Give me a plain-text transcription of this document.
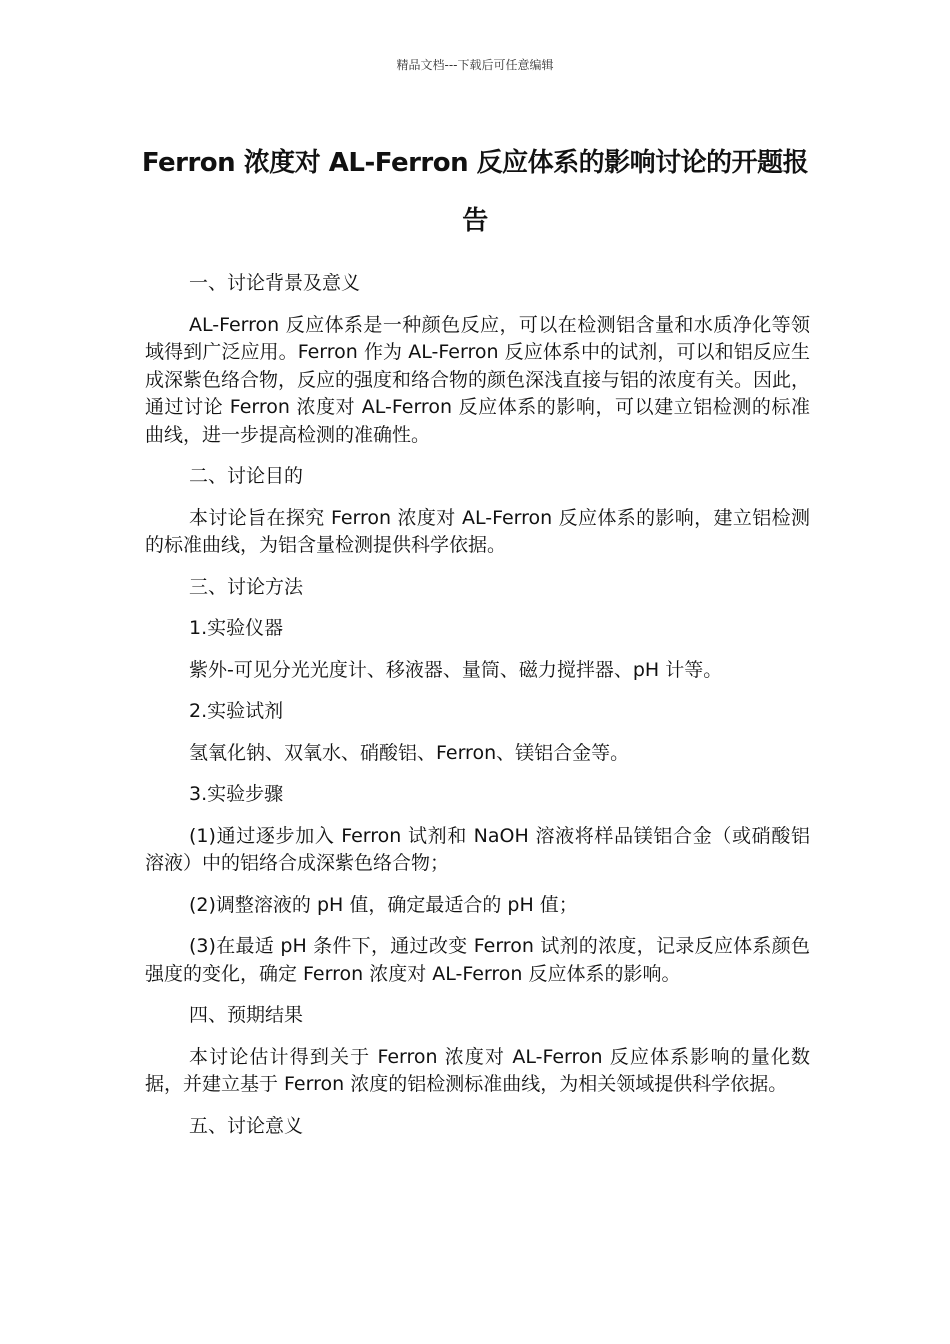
精品文档---下载后可任意编辑
Ferron 浓度对 AL-Ferron 反应体系的影响讨论的开题报告

一、讨论背景及意义

AL-Ferron 反应体系是一种颜色反应，可以在检测铝含量和水质净化等领域得到广泛应用。Ferron 作为 AL-Ferron 反应体系中的试剂，可以和铝反应生成深紫色络合物，反应的强度和络合物的颜色深浅直接与铝的浓度有关。因此，通过讨论 Ferron 浓度对 AL-Ferron 反应体系的影响，可以建立铝检测的标准曲线，进一步提高检测的准确性。

二、讨论目的

本讨论旨在探究 Ferron 浓度对 AL-Ferron 反应体系的影响，建立铝检测的标准曲线，为铝含量检测提供科学依据。

三、讨论方法

1.实验仪器

紫外-可见分光光度计、移液器、量筒、磁力搅拌器、pH 计等。

2.实验试剂

氢氧化钠、双氧水、硝酸铝、Ferron、镁铝合金等。

3.实验步骤

(1)通过逐步加入 Ferron 试剂和 NaOH 溶液将样品镁铝合金（或硝酸铝溶液）中的铝络合成深紫色络合物；

(2)调整溶液的 pH 值，确定最适合的 pH 值；

(3)在最适 pH 条件下，通过改变 Ferron 试剂的浓度，记录反应体系颜色强度的变化，确定 Ferron 浓度对 AL-Ferron 反应体系的影响。

四、预期结果

本讨论估计得到关于 Ferron 浓度对 AL-Ferron 反应体系影响的量化数据，并建立基于 Ferron 浓度的铝检测标准曲线，为相关领域提供科学依据。

五、讨论意义
